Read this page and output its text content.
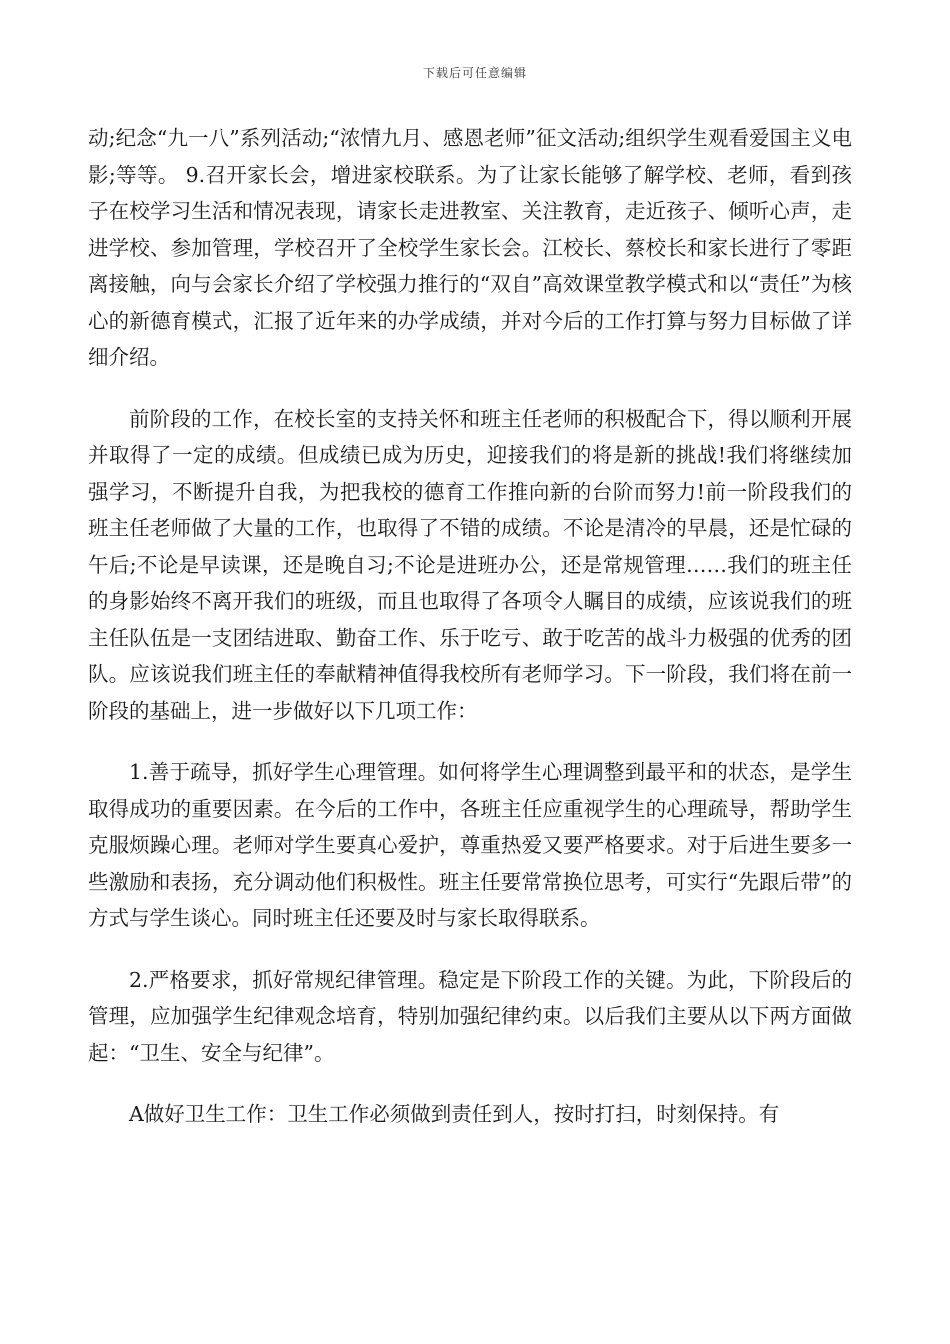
下载后可任意编辑

动;纪念“九一八”系列活动;“浓情九月、感恩老师”征文活动;组织学生观看爱国主义电影;等等。 9.召开家长会，增进家校联系。为了让家长能够了解学校、老师，看到孩子在校学习生活和情况表现，请家长走进教室、关注教育，走近孩子、倾听心声，走进学校、参加管理，学校召开了全校学生家长会。江校长、蔡校长和家长进行了零距离接触，向与会家长介绍了学校强力推行的“双自”高效课堂教学模式和以“责任”为核心的新德育模式，汇报了近年来的办学成绩，并对今后的工作打算与努力目标做了详细介绍。

前阶段的工作，在校长室的支持关怀和班主任老师的积极配合下，得以顺利开展并取得了一定的成绩。但成绩已成为历史，迎接我们的将是新的挑战!我们将继续加强学习，不断提升自我，为把我校的德育工作推向新的台阶而努力!前一阶段我们的班主任老师做了大量的工作，也取得了不错的成绩。不论是清冷的早晨，还是忙碌的午后;不论是早读课，还是晚自习;不论是进班办公，还是常规管理……我们的班主任的身影始终不离开我们的班级，而且也取得了各项令人瞩目的成绩，应该说我们的班主任队伍是一支团结进取、勤奋工作、乐于吃亏、敢于吃苦的战斗力极强的优秀的团队。应该说我们班主任的奉献精神值得我校所有老师学习。下一阶段，我们将在前一阶段的基础上，进一步做好以下几项工作：

1.善于疏导，抓好学生心理管理。如何将学生心理调整到最平和的状态，是学生取得成功的重要因素。在今后的工作中，各班主任应重视学生的心理疏导，帮助学生克服烦躁心理。老师对学生要真心爱护，尊重热爱又要严格要求。对于后进生要多一些激励和表扬，充分调动他们积极性。班主任要常常换位思考，可实行“先跟后带”的方式与学生谈心。同时班主任还要及时与家长取得联系。

2.严格要求，抓好常规纪律管理。稳定是下阶段工作的关键。为此，下阶段后的管理，应加强学生纪律观念培育，特别加强纪律约束。以后我们主要从以下两方面做起：“卫生、安全与纪律”。

A做好卫生工作：卫生工作必须做到责任到人，按时打扫，时刻保持。有
